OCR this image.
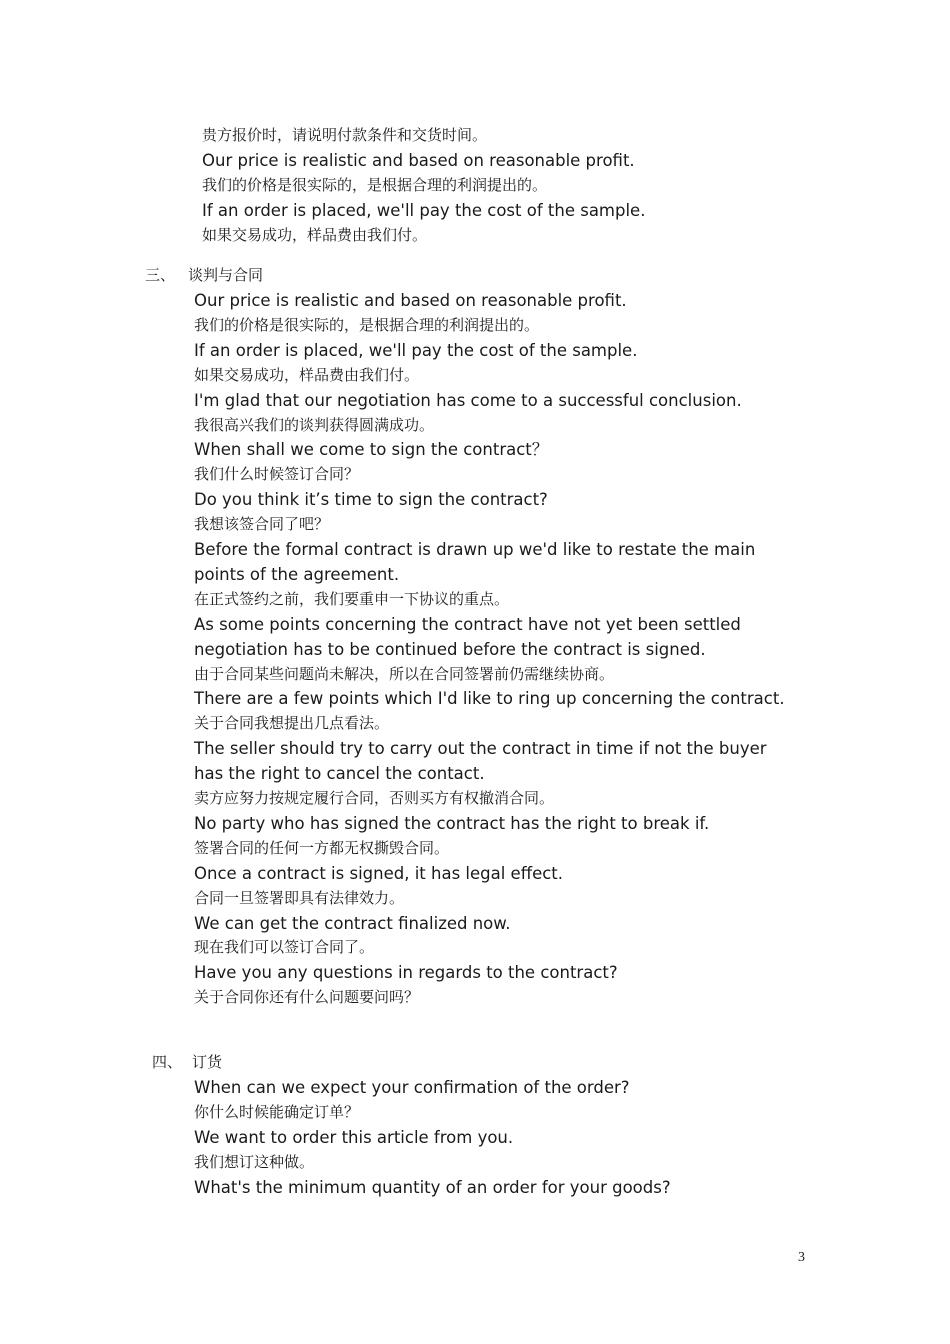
贵方报价时，请说明付款条件和交货时间。
Our price is realistic and based on reasonable profit.
我们的价格是很实际的，是根据合理的利润提出的。
If an order is placed, we'll pay the cost of the sample.
如果交易成功，样品费由我们付。
Our price is realistic and based on reasonable profit.
我们的价格是很实际的，是根据合理的利润提出的。
If an order is placed, we'll pay the cost of the sample.
如果交易成功，样品费由我们付。
I'm glad that our negotiation has come to a successful conclusion.
我很高兴我们的谈判获得圆满成功。
When shall we come to sign the contract？
我们什么时候签订合同？
Do you think it’s time to sign the contract?
我想该签合同了吧？
Before the formal contract is drawn up we'd like to restate the main
points of the agreement.
在正式签约之前，我们要重申一下协议的重点。
As some points concerning the contract have not yet been settled
negotiation has to be continued before the contract is signed.
由于合同某些问题尚未解决，所以在合同签署前仍需继续协商。
There are a few points which I'd like to ring up concerning the contract.
关于合同我想提出几点看法。
The seller should try to carry out the contract in time if not the buyer
has the right to cancel the contact.
卖方应努力按规定履行合同，否则买方有权撤消合同。
No party who has signed the contract has the right to break if.
签署合同的任何一方都无权撕毁合同。
Once a contract is signed, it has legal effect.
合同一旦签署即具有法律效力。
We can get the contract finalized now.
现在我们可以签订合同了。
Have you any questions in regards to the contract?
关于合同你还有什么问题要问吗？
When can we expect your confirmation of the order?
你什么时候能确定订单？
We want to order this article from you.
我们想订这种做。
What's the minimum quantity of an order for your goods?
三、 谈判与合同
四、 订货
3
